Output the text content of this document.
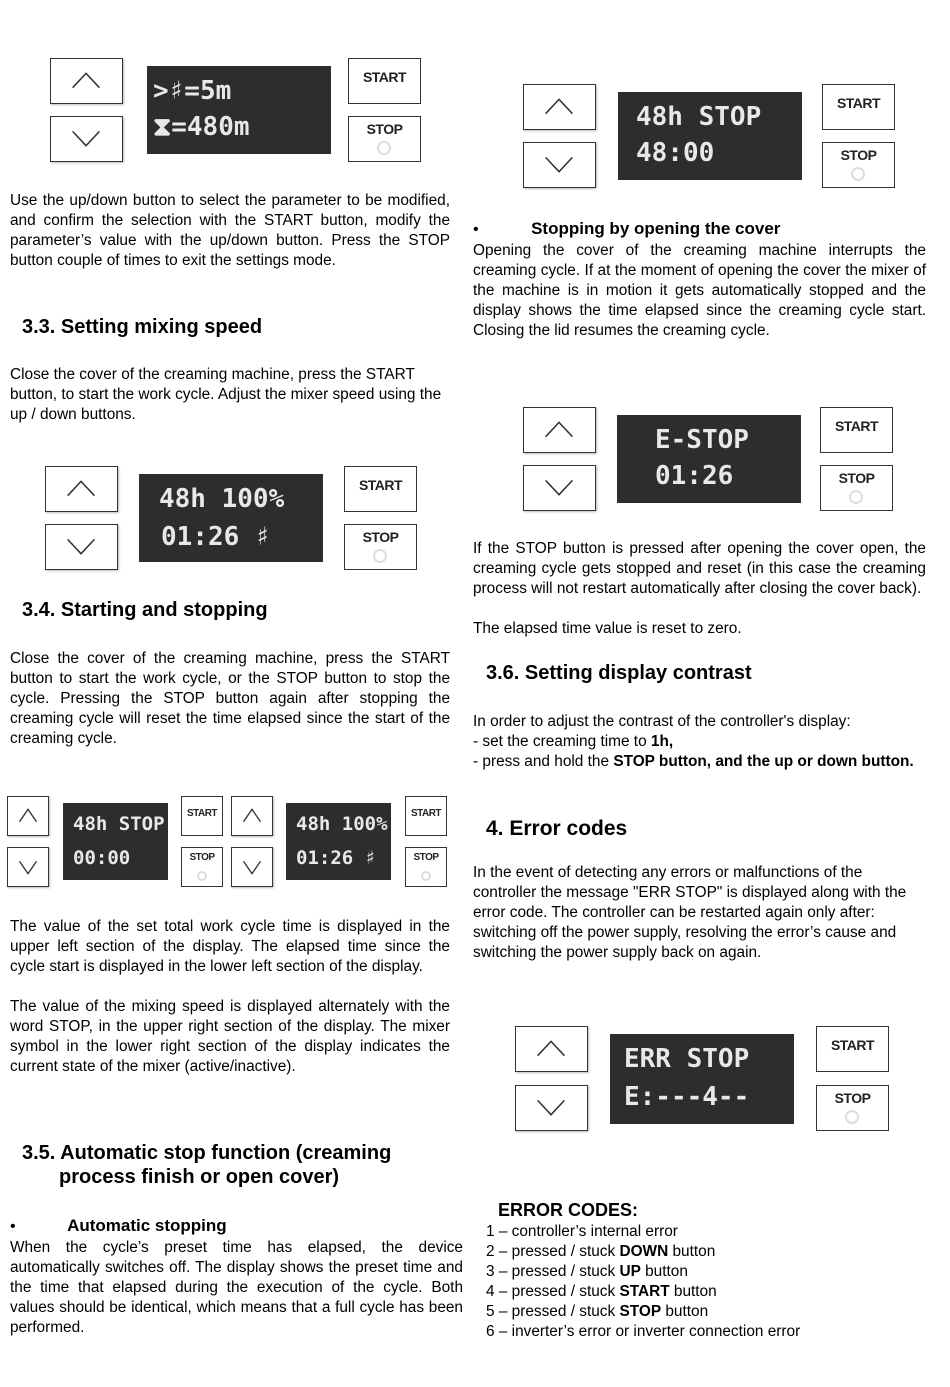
>♯=5m
⧗=480m
START
STOP	48h STOP
48:00
START
STOP

Use the up/down button to select the parameter to be modified, and confirm the selection with the START button, modify the parameter’s value with the up/down button. Press the STOP button couple of times to exit the settings mode.

3.3. Setting mixing speed

Close the cover of the creaming machine, press the START button, to start the work cycle. Adjust the mixer speed using the up / down buttons.

48h 100%
01:26 ♯
START
STOP
3.4. Starting and stopping

Close the cover of the creaming machine, press the START button to start the work cycle, or the STOP button to stop the cycle. Pressing the STOP button again after stopping the creaming cycle will reset the time elapsed since the start of the creaming cycle.

48h STOP
00:00
START
STOP
48h 100%
01:26 ♯
START
STOP

The value of the set total work cycle time is displayed in the upper left section of the display. The elapsed time since the cycle start is displayed in the lower left section of the display.

The value of the mixing speed is displayed alternately with the word STOP, in the upper right section of the display. The mixer symbol in the lower right section of the display indicates the current state of the mixer (active/inactive).

3.5. Automatic stop function (creaming
process finish or open cover)
•	Automatic stopping

When the cycle’s preset time has elapsed, the device automatically switches off. The display shows the preset time and the time that elapsed during the execution of the cycle. Both values should be identical, which means that a full cycle has been performed.

•	Stopping by opening the cover

Opening the cover of the creaming machine interrupts the creaming cycle. If at the moment of opening the cover the mixer of the machine is in motion it gets automatically stopped and the display shows the time elapsed since the creaming cycle start. Closing the lid resumes the creaming cycle.

E-STOP
01:26
START
STOP

If the STOP button is pressed after opening the cover open, the creaming cycle gets stopped and reset (in this case the creaming process will not restart automatically after closing the cover back).

The elapsed time value is reset to zero.

3.6. Setting display contrast

In order to adjust the contrast of the controller's display:

- set the creaming time to 1h,

- press and hold the STOP button, and the up or down button.

4. Error codes

In the event of detecting any errors or malfunctions of the controller the message "ERR STOP" is displayed along with the error code. The controller can be restarted again only after: switching off the power supply, resolving the error’s cause and switching the power supply back on again.

ERR STOP
E:---4--
START
STOP
ERROR CODES:
1 – controller’s internal error
2 – pressed / stuck DOWN button
3 – pressed / stuck UP button
4 – pressed / stuck START button
5 – pressed / stuck STOP button
6 – inverter’s error or inverter connection error
